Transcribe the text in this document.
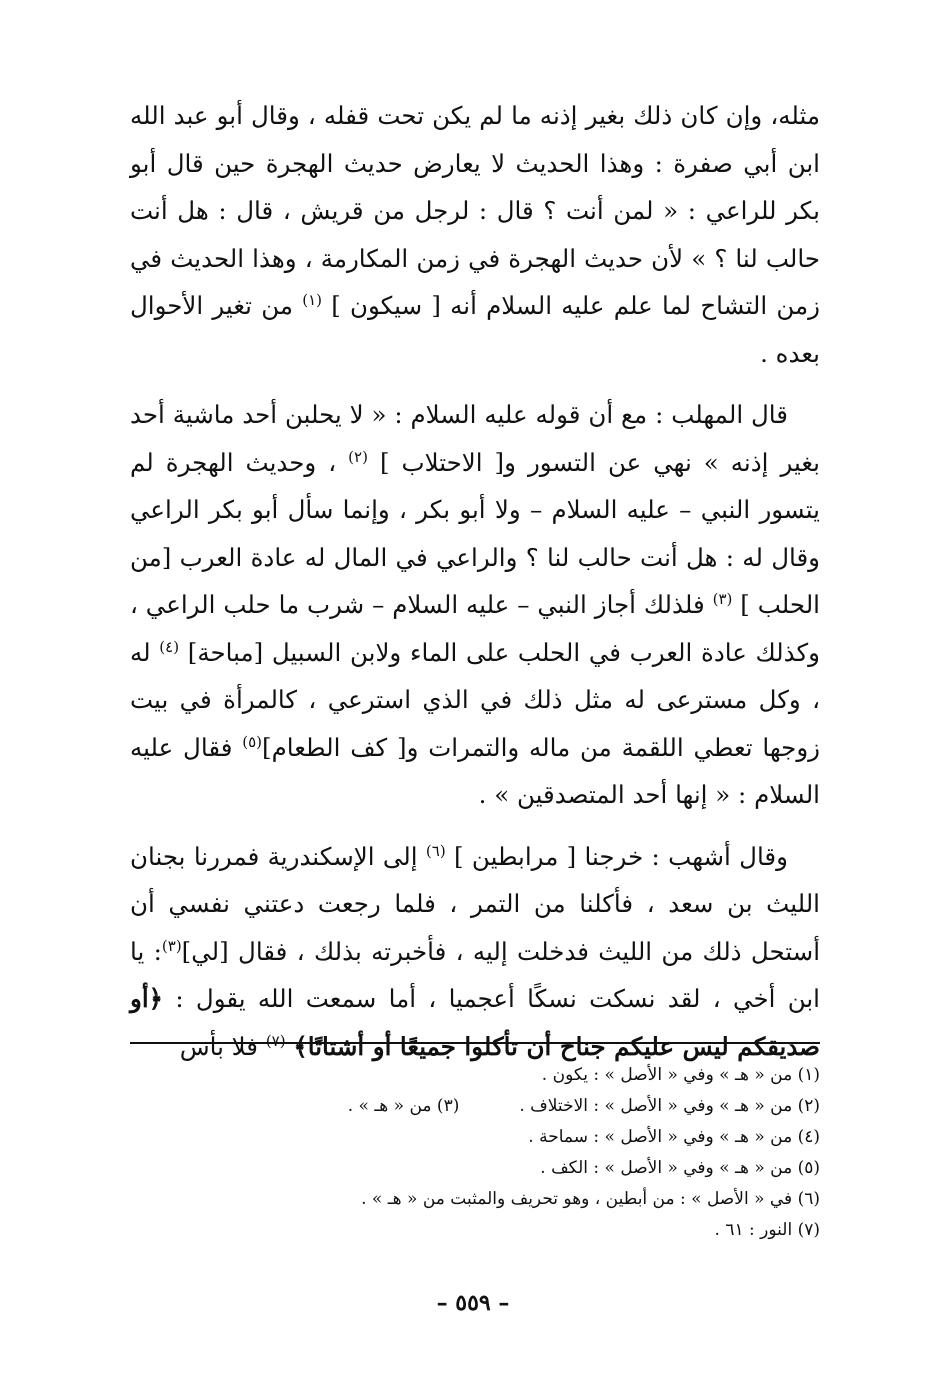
مثله، وإن كان ذلك بغير إذنه ما لم يكن تحت قفله ، وقال أبو عبد الله ابن أبي صفرة : وهذا الحديث لا يعارض حديث الهجرة حين قال أبو بكر للراعي : « لمن أنت ؟ قال : لرجل من قريش ، قال : هل أنت حالب لنا ؟ » لأن حديث الهجرة في زمن المكارمة ، وهذا الحديث في زمن التشاح لما علم عليه السلام أنه [ سيكون ] $^{(١)}$ من تغير الأحوال بعده .

قال المهلب : مع أن قوله عليه السلام : « لا يحلبن أحد ماشية أحد بغير إذنه » نهي عن التسور و[ الاحتلاب ] $^{(٢)}$ ، وحديث الهجرة لم يتسور النبي – عليه السلام – ولا أبو بكر ، وإنما سأل أبو بكر الراعي وقال له : هل أنت حالب لنا ؟ والراعي في المال له عادة العرب [من الحلب ] $^{(٣)}$ فلذلك أجاز النبي – عليه السلام – شرب ما حلب الراعي ، وكذلك عادة العرب في الحلب على الماء ولابن السبيل [مباحة] $^{(٤)}$ له ، وكل مسترعى له مثل ذلك في الذي استرعي ، كالمرأة في بيت زوجها تعطي اللقمة من ماله والتمرات و[ كف الطعام]$^{(٥)}$ فقال عليه السلام : « إنها أحد المتصدقين » .

وقال أشهب : خرجنا [ مرابطين ] $^{(٦)}$ إلى الإسكندرية فمررنا بجنان الليث بن سعد ، فأكلنا من التمر ، فلما رجعت دعتني نفسي أن أستحل ذلك من الليث فدخلت إليه ، فأخبرته بذلك ، فقال [لي]$^{(٣)}$: يا ابن أخي ، لقد نسكت نسكًا أعجميا ، أما سمعت الله يقول : ﴿أو صديقكم ليس عليكم جناح أن تأكلوا جميعًا أو أشتاتًا﴾ $^{(٧)}$ فلا بأس

(١) من « هـ » وفي « الأصل » : يكون .
(٢) من « هـ » وفي « الأصل » : الاختلاف .
(٣) من « هـ » .
(٤) من « هـ » وفي « الأصل » : سماحة .
(٥) من « هـ » وفي « الأصل » : الكف .
(٦) في « الأصل » : من أبطين ، وهو تحريف والمثبت من « هـ » .
(٧) النور : ٦١ .
– ٥٥٩ –
